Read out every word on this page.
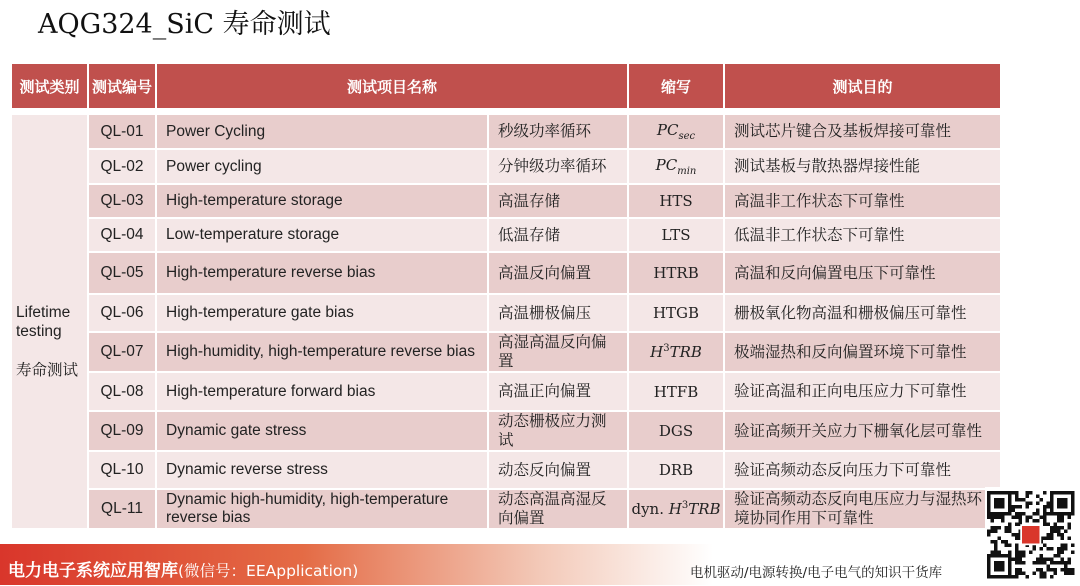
AQG324_SiC 寿命测试
测试类别	测试编号	测试项目名称		缩写	测试目的

Lifetime
testing
寿命测试	QL-01	Power Cycling	秒级功率循环	$PC_{sec}$	测试芯片键合及基板焊接可靠性
	QL-02	Power cycling	分钟级功率循环	$PC_{min}$	测试基板与散热器焊接性能
	QL-03	High-temperature storage	高温存储	HTS	高温非工作状态下可靠性
	QL-04	Low-temperature storage	低温存储	LTS	低温非工作状态下可靠性
	QL-05	High-temperature reverse bias	高温反向偏置	HTRB	高温和反向偏置电压下可靠性
	QL-06	High-temperature gate bias	高温栅极偏压	HTGB	栅极氧化物高温和栅极偏压可靠性
	QL-07	High-humidity, high-temperature reverse bias	高湿高温反向偏置	$H^3TRB$	极端湿热和反向偏置环境下可靠性
	QL-08	High-temperature forward bias	高温正向偏置	HTFB	验证高温和正向电压应力下可靠性
	QL-09	Dynamic gate stress	动态栅极应力测试	DGS	验证高频开关应力下栅氧化层可靠性
	QL-10	Dynamic reverse stress	动态反向偏置	DRB	验证高频动态反向压力下可靠性
	QL-11	Dynamic high-humidity, high-temperature reverse bias	动态高温高湿反向偏置	dyn. $H^3TRB$	验证高频动态反向电压应力与湿热环境协同作用下可靠性
电力电子系统应用智库(微信号：EEApplication)	电机驱动/电源转换/电子电气的知识干货库
